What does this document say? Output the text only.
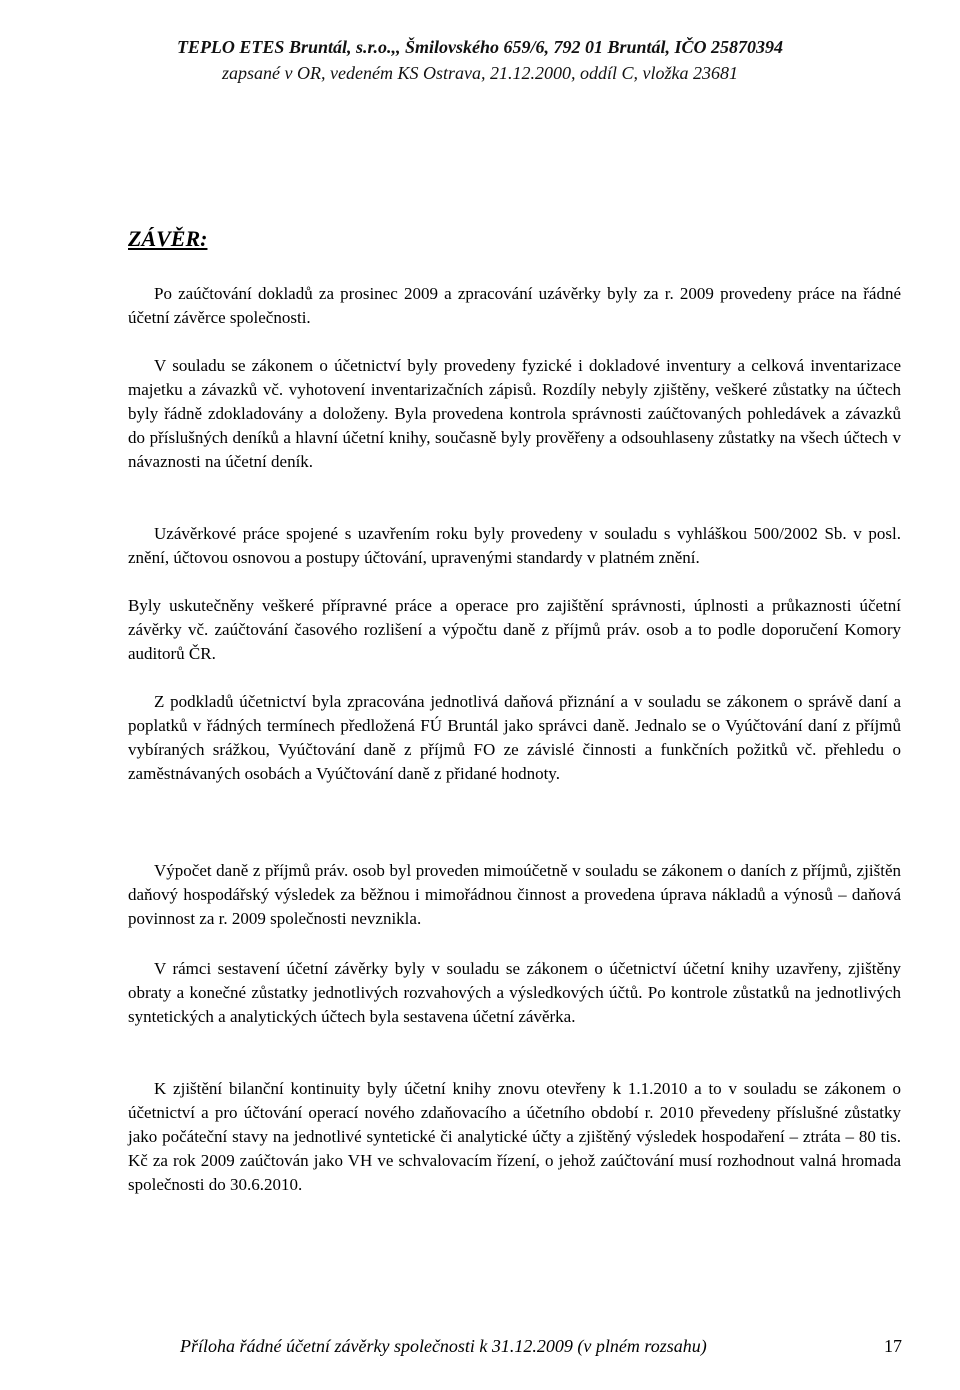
TEPLO ETES Bruntál, s.r.o.,, Šmilovského 659/6, 792 01 Bruntál, IČO 25870394
zapsané v OR, vedeném KS Ostrava, 21.12.2000, oddíl C, vložka 23681
ZÁVĚR:
Po zaúčtování dokladů za prosinec 2009 a zpracování uzávěrky byly za r. 2009 provedeny práce na řádné účetní závěrce společnosti.
V souladu se zákonem o účetnictví byly provedeny fyzické i dokladové inventury a celková inventarizace majetku a závazků vč. vyhotovení inventarizačních zápisů. Rozdíly nebyly zjištěny, veškeré zůstatky na účtech byly řádně zdokladovány a doloženy. Byla provedena kontrola správnosti zaúčtovaných pohledávek a závazků do příslušných deníků a hlavní účetní knihy, současně byly prověřeny a odsouhlaseny zůstatky na všech účtech v návaznosti na účetní deník.
Uzávěrkové práce spojené s uzavřením roku byly provedeny v souladu s vyhláškou 500/2002 Sb. v posl. znění, účtovou osnovou a postupy účtování, upravenými standardy v platném znění.
Byly uskutečněny veškeré přípravné práce a operace pro zajištění správnosti, úplnosti a průkaznosti účetní závěrky vč. zaúčtování časového rozlišení a výpočtu daně z příjmů práv. osob a to podle doporučení Komory auditorů ČR.
Z podkladů účetnictví byla zpracována jednotlivá daňová přiznání a v souladu se zákonem o správě daní a poplatků v řádných termínech předložená FÚ Bruntál jako správci daně. Jednalo se o Vyúčtování daní z příjmů vybíraných srážkou, Vyúčtování daně z příjmů FO ze závislé činnosti a funkčních požitků vč. přehledu o zaměstnávaných osobách a Vyúčtování daně z přidané hodnoty.
Výpočet daně z příjmů práv. osob byl proveden mimoúčetně v souladu se zákonem o daních z příjmů, zjištěn daňový hospodářský výsledek za běžnou i mimořádnou činnost a provedena úprava nákladů a výnosů – daňová povinnost za r. 2009 společnosti nevznikla.
V rámci sestavení účetní závěrky byly v souladu se zákonem o účetnictví účetní knihy uzavřeny, zjištěny obraty a konečné zůstatky jednotlivých rozvahových a výsledkových účtů. Po kontrole zůstatků na jednotlivých syntetických a analytických účtech byla sestavena účetní závěrka.
K zjištění bilanční kontinuity byly účetní knihy znovu otevřeny k 1.1.2010 a to v souladu se zákonem o účetnictví a pro účtování operací nového zdaňovacího a účetního období r. 2010 převedeny příslušné zůstatky jako počáteční stavy na jednotlivé syntetické či analytické účty a zjištěný výsledek hospodaření – ztráta – 80 tis. Kč za rok 2009 zaúčtován jako VH ve schvalovacím řízení, o jehož zaúčtování musí rozhodnout valná hromada společnosti do 30.6.2010.
Příloha řádné účetní závěrky společnosti k 31.12.2009 (v plném rozsahu)	17
